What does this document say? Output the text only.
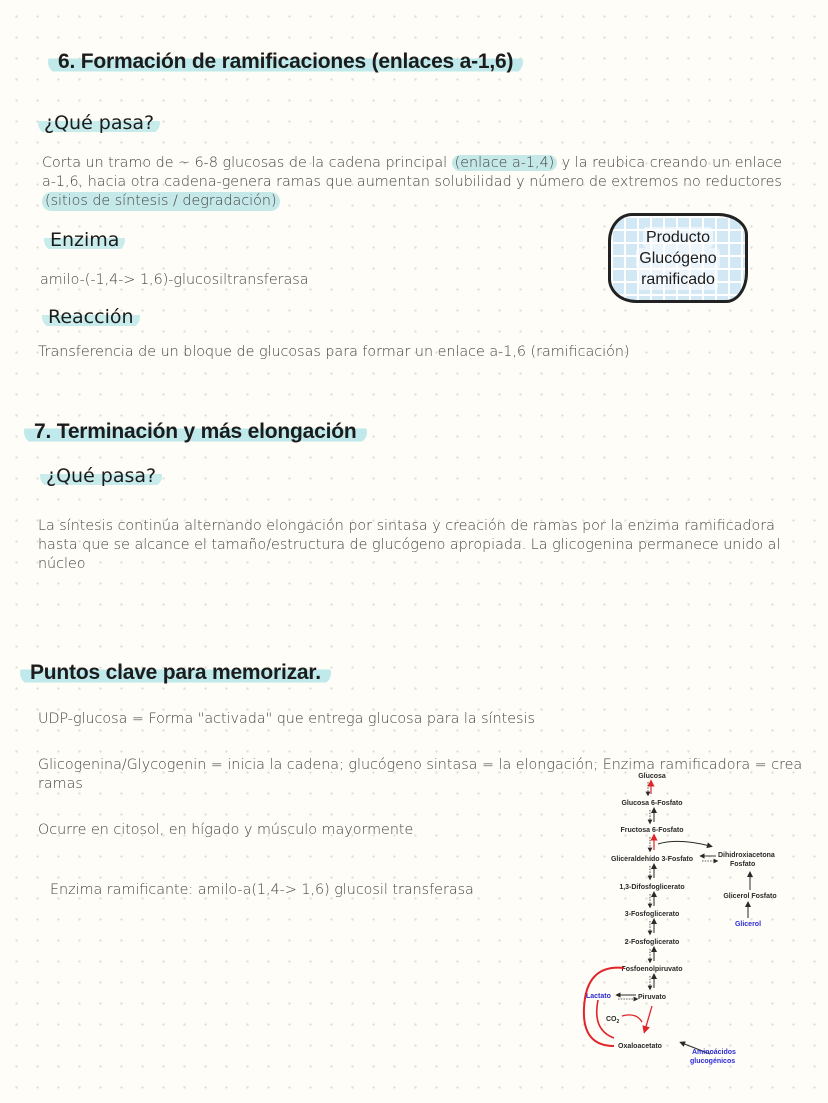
6. Formación de ramificaciones (enlaces a-1,6)
¿Qué pasa?
Corta un tramo de ~ 6-8 glucosas de la cadena principal (enlace a-1,4) y la reubica creando un enlace
a-1,6, hacia otra cadena-genera ramas que aumentan solubilidad y número de extremos no reductores
(sitios de síntesis / degradación)
Enzima
amilo-(-1,4-> 1,6)-glucosiltransferasa
Producto
Glucógeno
ramificado
Reacción
Transferencia de un bloque de glucosas para formar un enlace a-1,6 (ramificación)
7. Terminación y más elongación
¿Qué pasa?
La síntesis continúa alternando elongación por sintasa y creación de ramas por la enzima ramificadora
hasta que se alcance el tamaño/estructura de glucógeno apropiada. La glicogenina permanece unido al
núcleo
Puntos clave para memorizar.
UDP-glucosa = Forma "activada" que entrega glucosa para la síntesis
Glicogenina/Glycogenin = inicia la cadena; glucógeno sintasa = la elongación; Enzima ramificadora = crea
ramas
Ocurre en citosol, en hígado y músculo mayormente
Enzima ramificante: amilo-a(1,4-> 1,6) glucosil transferasa
Glucosa
Glucosa 6-Fosfato
Fructosa 6-Fosfato
Gliceraldehído 3-Fosfato
Dihidroxiacetona
Fosfato
1,3-Difosfoglicerato
Glicerol Fosfato
3-Fosfoglicerato
Glicerol
2-Fosfoglicerato
Fosfoenolpiruvato
Lactato	Piruvato
$CO_2$
Oxaloacetato
Aminoácidos
glucogénicos
